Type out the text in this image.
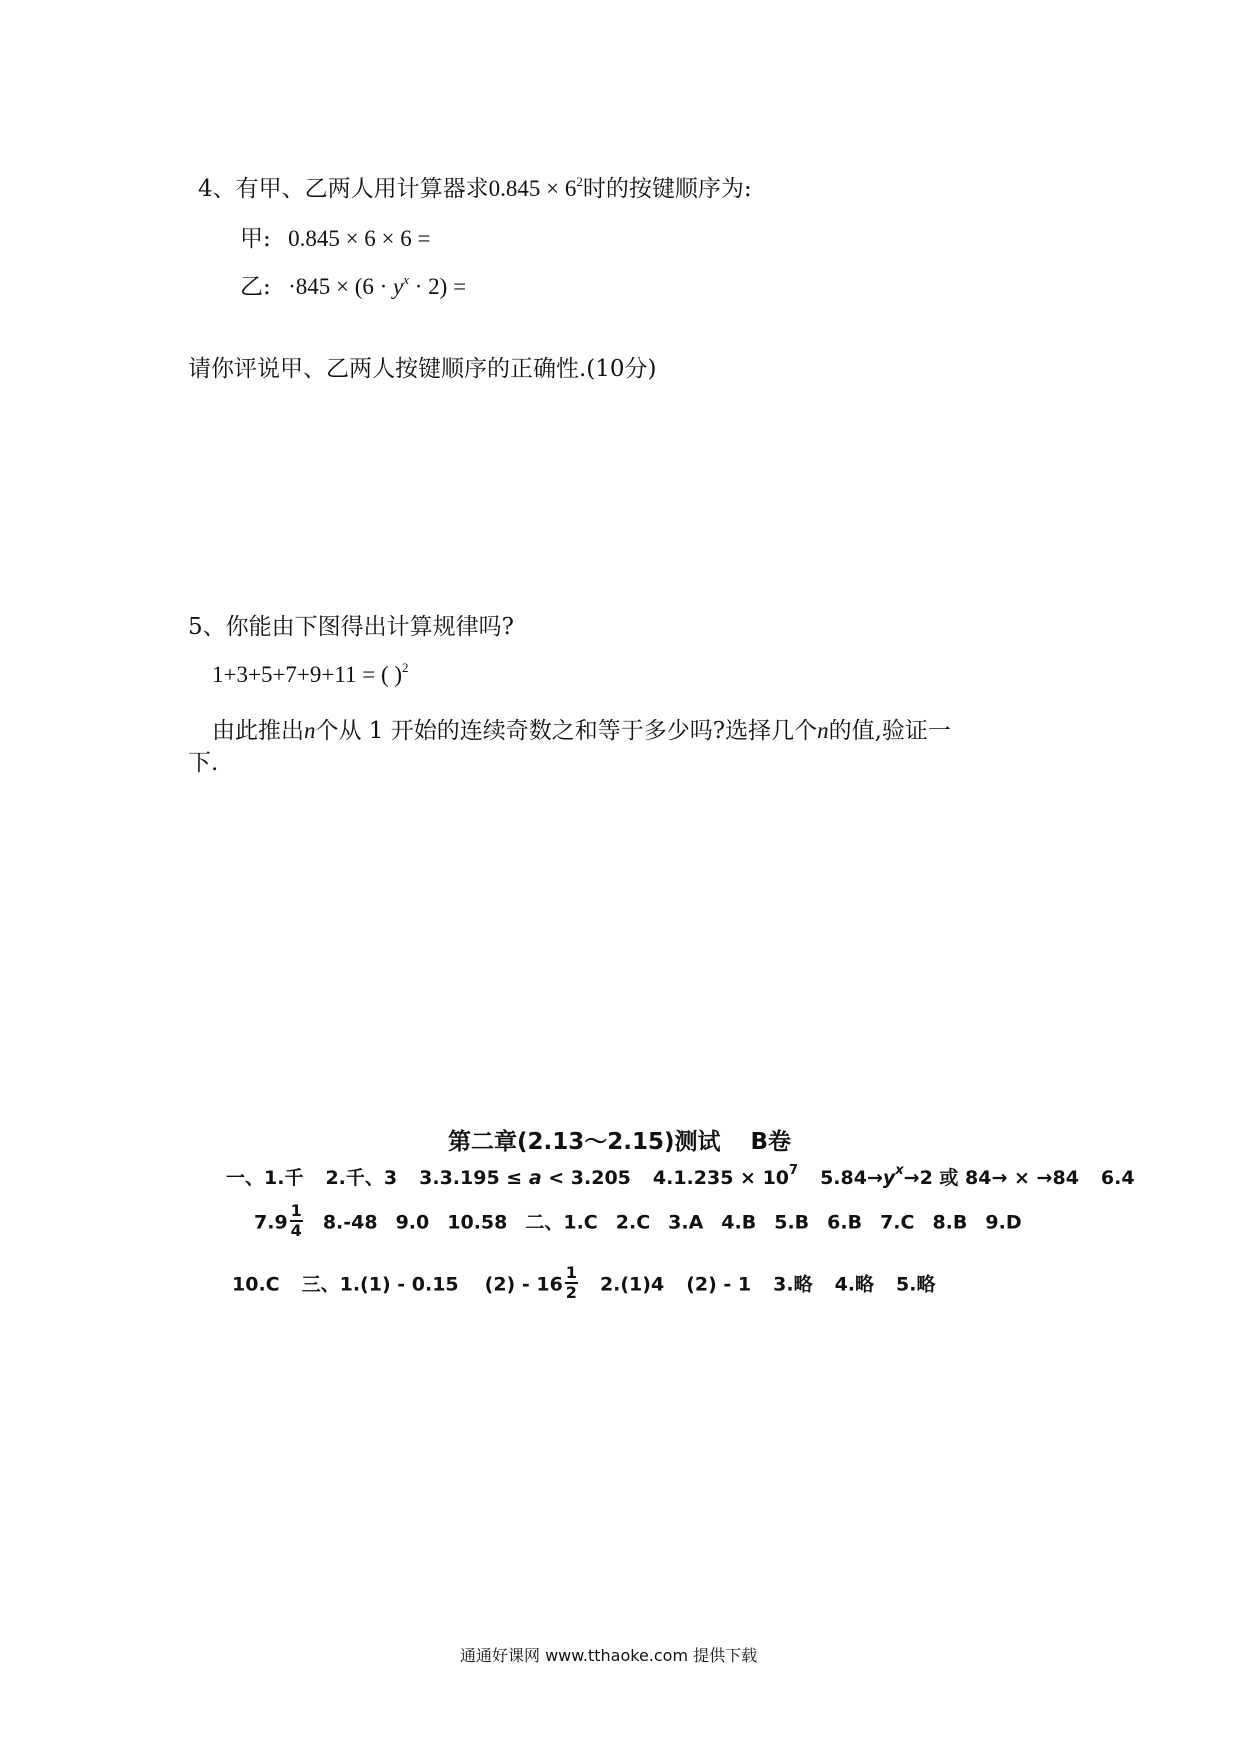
4、有甲、乙两人用计算器求$0.845 \times 6^2$时的按键顺序为:
甲: 0.845 × 6 × 6 =
乙: $\cdot 845 \times (6 \cdot y^x \cdot 2)$ =
请你评说甲、乙两人按键顺序的正确性.(10分)
5、你能由下图得出计算规律吗?
1+3+5+7+9+11 = ( )$^2$
由此推出n个从 1 开始的连续奇数之和等于多少吗?选择几个n的值,验证一
下.
第二章(2.13～2.15)测试 B卷
一、1.千 2.千、3 3.3.195 ≤ a < 3.205 $4.1.235 \times 10^7$ $5.84\to y^x\to 2$ 或 84→ × →84 6.4
$7.9 \frac{1}{4} 8.-48$ 9.0 10.58 二、1.C 2.C 3.A 4.B 5.B 6.B 7.C 8.B 9.D
10.C 三、1.(1) - 0.15 $(2) - 16 \frac{1}{2} 2.(1)4$ (2) - 1 3.略 4.略 5.略
通通好课网 www.tthaoke.com 提供下载
